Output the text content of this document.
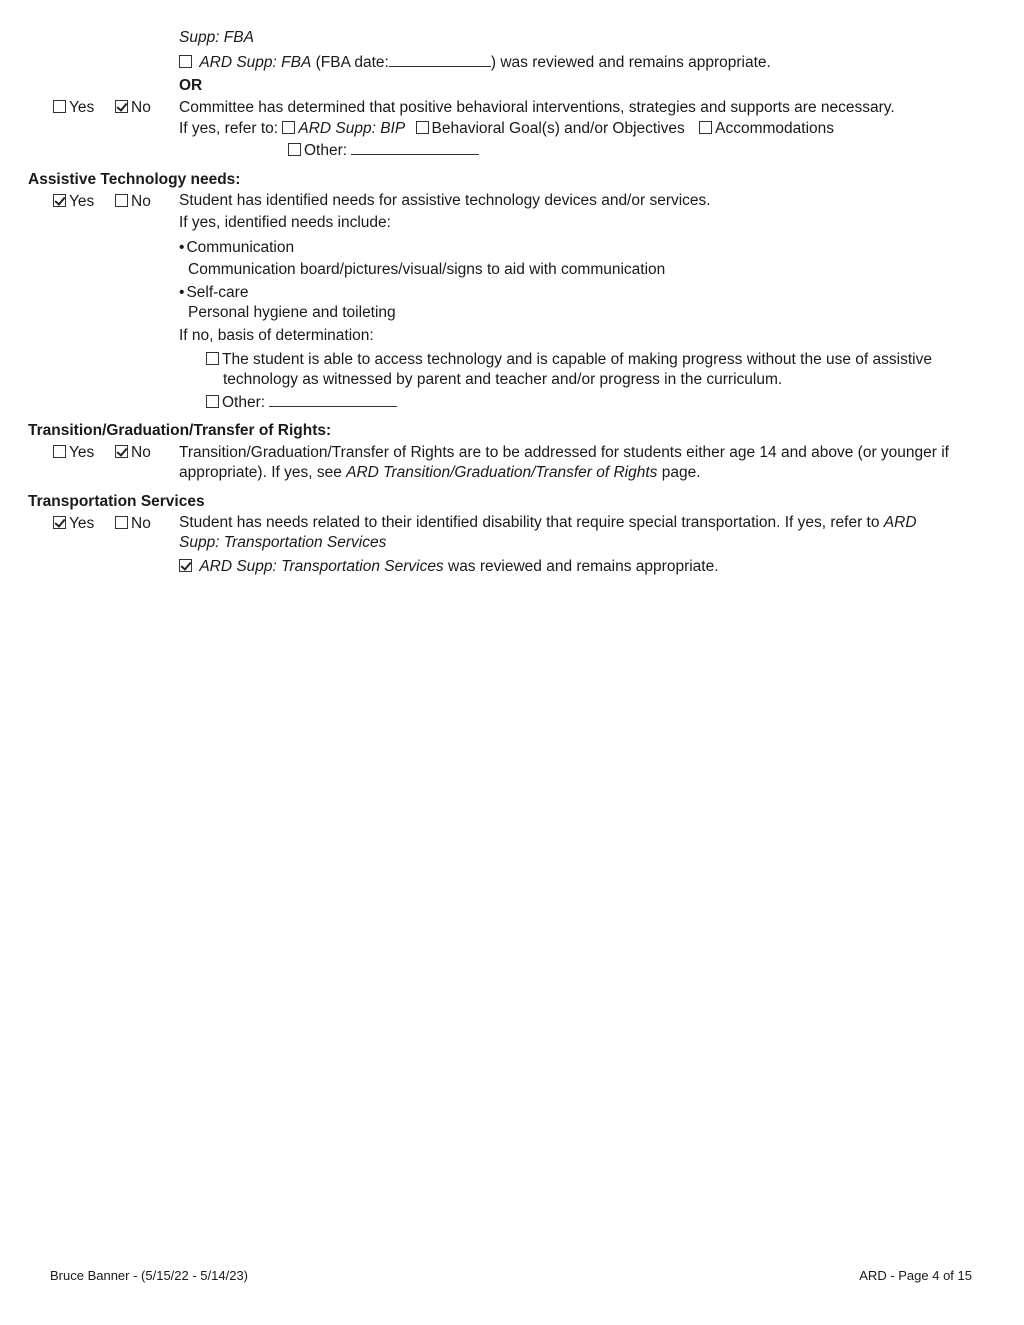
Supp: FBA
ARD Supp: FBA (FBA date:	) was reviewed and remains appropriate.
OR
Yes	No Committee has determined that positive behavioral interventions, strategies and supports are necessary.
If yes, refer to: ARD Supp: BIP Behavioral Goal(s) and/or Objectives Accommodations
Other:
Assistive Technology needs:
Yes	No Student has identified needs for assistive technology devices and/or services.
If yes, identified needs include:
• Communication
Communication board/pictures/visual/signs to aid with communication
• Self-care
Personal hygiene and toileting
If no, basis of determination:
The student is able to access technology and is capable of making progress without the use of assistive
technology as witnessed by parent and teacher and/or progress in the curriculum.
Other:
Transition/Graduation/Transfer of Rights:
Yes	No Transition/Graduation/Transfer of Rights are to be addressed for students either age 14 and above (or younger if
appropriate). If yes, see ARD Transition/Graduation/Transfer of Rights page.
Transportation Services
Yes	No Student has needs related to their identified disability that require special transportation. If yes, refer to ARD
Supp: Transportation Services
ARD Supp: Transportation Services was reviewed and remains appropriate.
Bruce Banner - (5/15/22 - 5/14/23)	ARD - Page 4 of 15
